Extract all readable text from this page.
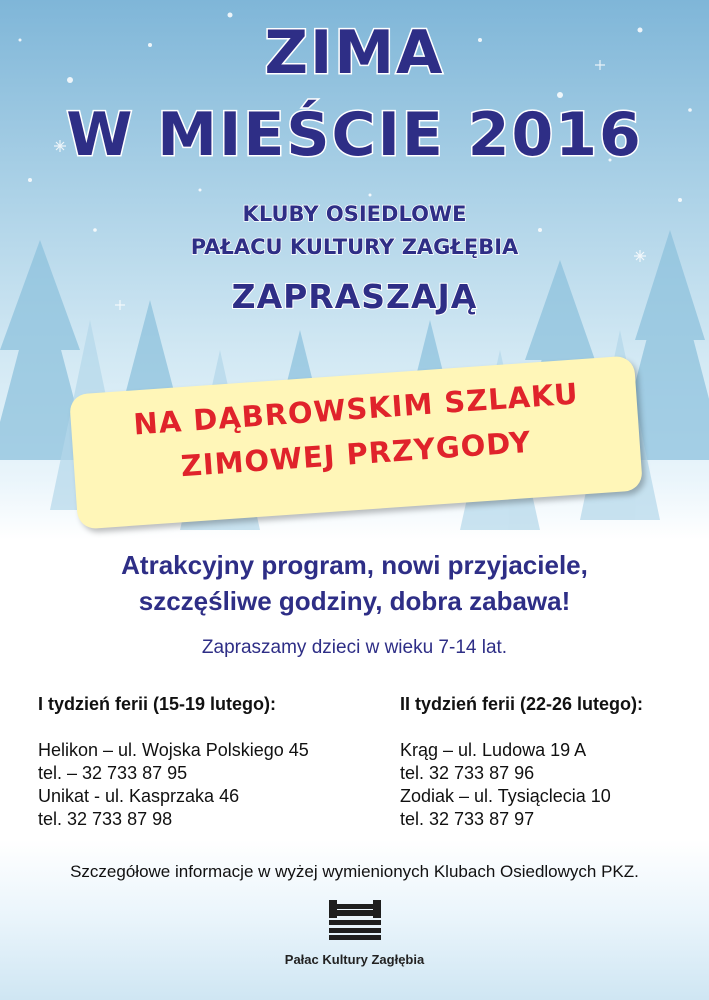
ZIMA
W MIEŚCIE 2016
KLUBY OSIEDLOWE
PAŁACU KULTURY ZAGŁĘBIA
ZAPRASZAJĄ
NA DĄBROWSKIM SZLAKU
ZIMOWEJ PRZYGODY
Atrakcyjny program, nowi przyjaciele,
szczęśliwe godziny, dobra zabawa!
Zapraszamy dzieci w wieku 7-14 lat.
I tydzień ferii (15-19 lutego):
Helikon – ul. Wojska Polskiego 45
tel. – 32 733 87 95
Unikat - ul. Kasprzaka 46
tel. 32 733 87 98
II tydzień ferii (22-26 lutego):
Krąg – ul. Ludowa 19 A
tel. 32 733 87 96
Zodiak – ul. Tysiąclecia 10
tel. 32 733 87 97
Szczegółowe informacje w wyżej wymienionych Klubach Osiedlowych PKZ.
Pałac Kultury Zagłębia
